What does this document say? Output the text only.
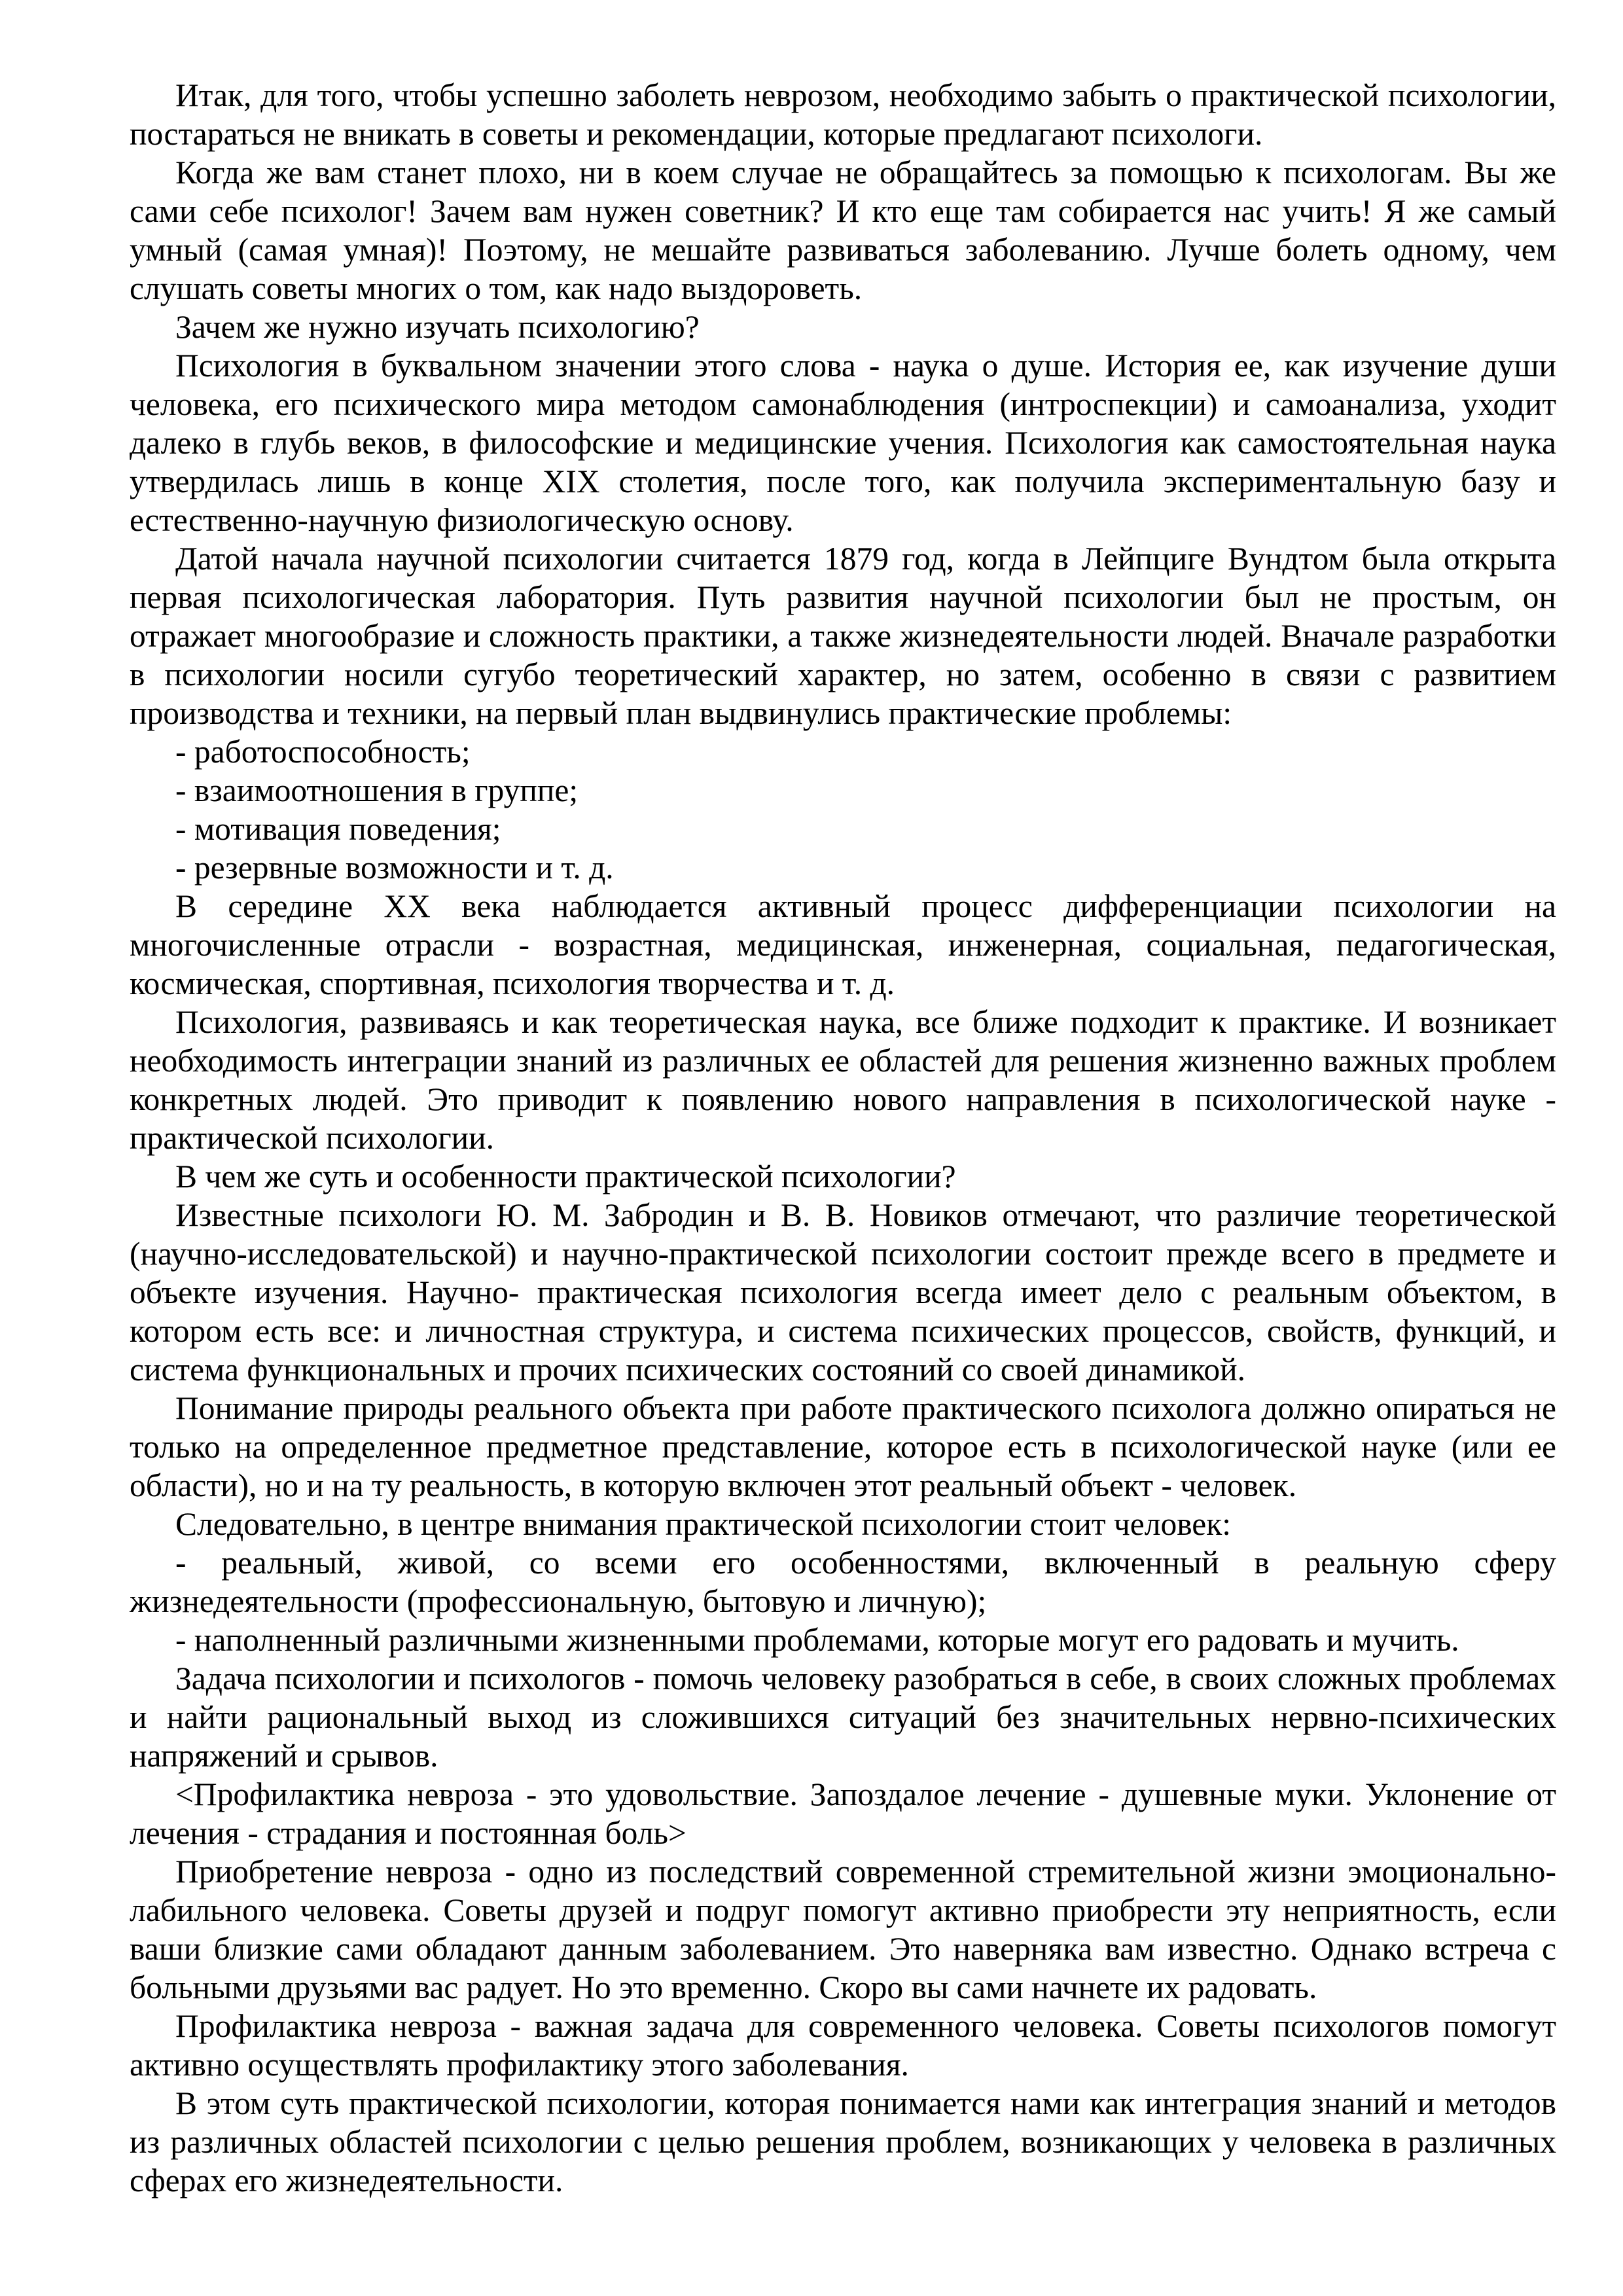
Итак, для того, чтобы успешно заболеть неврозом, необходимо забыть о практической психологии, постараться не вникать в советы и рекомендации, которые предлагают психологи.

Когда же вам станет плохо, ни в коем случае не обращайтесь за помощью к психологам. Вы же сами себе психолог! Зачем вам нужен советник? И кто еще там собирается нас учить! Я же самый умный (самая умная)! Поэтому, не мешайте развиваться заболеванию. Лучше болеть одному, чем слушать советы многих о том, как надо выздороветь.

Зачем же нужно изучать психологию?

Психология в буквальном значении этого слова - наука о душе. История ее, как изучение души человека, его психического мира методом самонаблюдения (интроспекции) и самоанализа, уходит далеко в глубь веков, в философские и медицинские учения. Психология как самостоятельная наука утвердилась лишь в конце XIX столетия, после того, как получила экспериментальную базу и естественно-научную физиологическую основу.

Датой начала научной психологии считается 1879 год, когда в Лейпциге Вундтом была открыта первая психологическая лаборатория. Путь развития научной психологии был не простым, он отражает многообразие и сложность практики, а также жизнедеятельности людей. Вначале разработки в психологии носили сугубо теоретический характер, но затем, особенно в связи с развитием производства и техники, на первый план выдвинулись практические проблемы:

- работоспособность;

- взаимоотношения в группе;

- мотивация поведения;

- резервные возможности и т. д.

В середине XX века наблюдается активный процесс дифференциации психологии на многочисленные отрасли - возрастная, медицинская, инженерная, социальная, педагогическая, космическая, спортивная, психология творчества и т. д.

Психология, развиваясь и как теоретическая наука, все ближе подходит к практике. И возникает необходимость интеграции знаний из различных ее областей для решения жизненно важных проблем конкретных людей. Это приводит к появлению нового направления в психологической науке - практической психологии.

В чем же суть и особенности практической психологии?

Известные психологи Ю. М. Забродин и В. В. Новиков отмечают, что различие теоретической (научно-исследовательской) и научно-практической психологии состоит прежде всего в предмете и объекте изучения. Научно- практическая психология всегда имеет дело с реальным объектом, в котором есть все: и личностная структура, и система психических процессов, свойств, функций, и система функциональных и прочих психических состояний со своей динамикой.

Понимание природы реального объекта при работе практического психолога должно опираться не только на определенное предметное представление, которое есть в психологической науке (или ее области), но и на ту реальность, в которую включен этот реальный объект - человек.

Следовательно, в центре внимания практической психологии стоит человек:

- реальный, живой, со всеми его особенностями, включенный в реальную сферу жизнедеятельности (профессиональную, бытовую и личную);

- наполненный различными жизненными проблемами, которые могут его радовать и мучить.

Задача психологии и психологов - помочь человеку разобраться в себе, в своих сложных проблемах и найти рациональный выход из сложившихся ситуаций без значительных нервно-психических напряжений и срывов.

<Профилактика невроза - это удовольствие. Запоздалое лечение - душевные муки. Уклонение от лечения - страдания и постоянная боль>

Приобретение невроза - одно из последствий современной стремительной жизни эмоционально-лабильного человека. Советы друзей и подруг помогут активно приобрести эту неприятность, если ваши близкие сами обладают данным заболеванием. Это наверняка вам известно. Однако встреча с больными друзьями вас радует. Но это временно. Скоро вы сами начнете их радовать.

Профилактика невроза - важная задача для современного человека. Советы психологов помогут активно осуществлять профилактику этого заболевания.

В этом суть практической психологии, которая понимается нами как интеграция знаний и методов из различных областей психологии с целью решения проблем, возникающих у человека в различных сферах его жизнедеятельности.
